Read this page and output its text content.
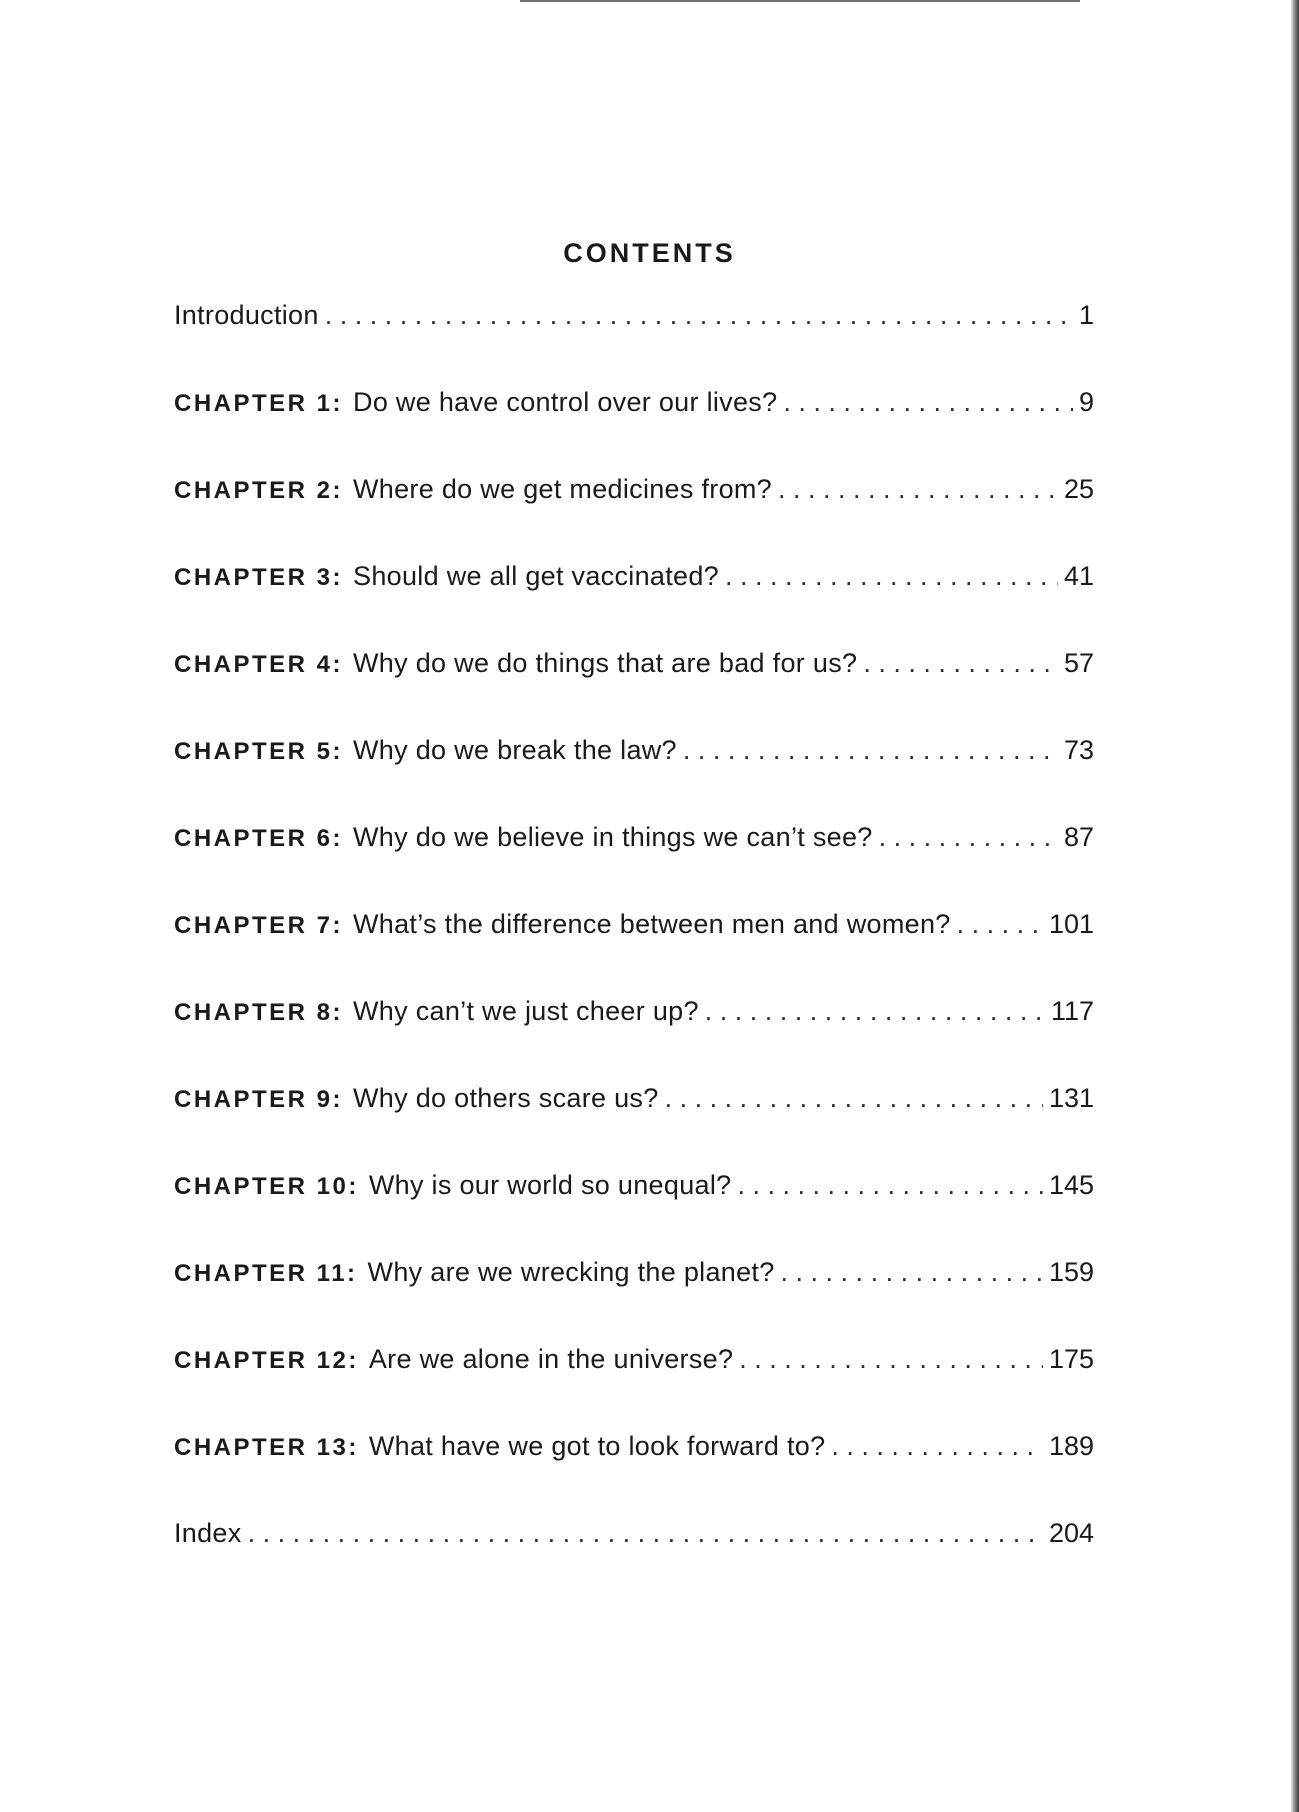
CONTENTS
Introduction . . .	1
CHAPTER 1: Do we have control over our lives? . . .	9
CHAPTER 2: Where do we get medicines from? . . .	25
CHAPTER 3: Should we all get vaccinated? . . .	41
CHAPTER 4: Why do we do things that are bad for us? . . .	57
CHAPTER 5: Why do we break the law? . . .	73
CHAPTER 6: Why do we believe in things we can’t see? . . .	87
CHAPTER 7: What’s the difference between men and women? . . .	101
CHAPTER 8: Why can’t we just cheer up? . . .	117
CHAPTER 9: Why do others scare us? . . .	131
CHAPTER 10: Why is our world so unequal? . . .	145
CHAPTER 11: Why are we wrecking the planet? . . .	159
CHAPTER 12: Are we alone in the universe? . . .	175
CHAPTER 13: What have we got to look forward to? . . .	189
Index . . .	204
